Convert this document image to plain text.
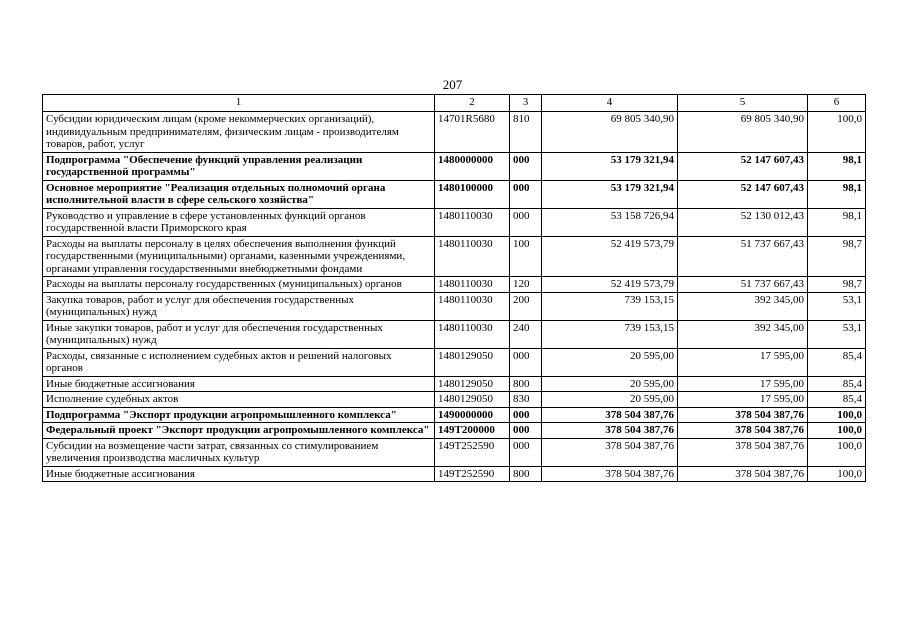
207
1	2	3	4	5	6
Субсидии юридическим лицам (кроме некоммерческих организаций), индивидуальным предпринимателям, физическим лицам - производителям товаров, работ, услуг	14701R5680	810	69 805 340,90	69 805 340,90	100,0
Подпрограмма "Обеспечение функций управления реализации государственной программы"	1480000000	000	53 179 321,94	52 147 607,43	98,1
Основное мероприятие "Реализация отдельных полномочий органа исполнительной власти в сфере сельского хозяйства"	1480100000	000	53 179 321,94	52 147 607,43	98,1
Руководство и управление в сфере установленных функций органов государственной власти Приморского края	1480110030	000	53 158 726,94	52 130 012,43	98,1
Расходы на выплаты персоналу в целях обеспечения выполнения функций государственными (муниципальными) органами, казенными учреждениями, органами управления государственными внебюджетными фондами	1480110030	100	52 419 573,79	51 737 667,43	98,7
Расходы на выплаты персоналу государственных (муниципальных) органов	1480110030	120	52 419 573,79	51 737 667,43	98,7
Закупка товаров, работ и услуг для обеспечения государственных (муниципальных) нужд	1480110030	200	739 153,15	392 345,00	53,1
Иные закупки товаров, работ и услуг для обеспечения государственных (муниципальных) нужд	1480110030	240	739 153,15	392 345,00	53,1
Расходы, связанные с исполнением судебных актов и решений налоговых органов	1480129050	000	20 595,00	17 595,00	85,4
Иные бюджетные ассигнования	1480129050	800	20 595,00	17 595,00	85,4
Исполнение судебных актов	1480129050	830	20 595,00	17 595,00	85,4
Подпрограмма "Экспорт продукции агропромышленного комплекса"	1490000000	000	378 504 387,76	378 504 387,76	100,0
Федеральный проект "Экспорт продукции агропромышленного комплекса"	149T200000	000	378 504 387,76	378 504 387,76	100,0
Субсидии на возмещение части затрат, связанных со стимулированием увеличения производства масличных культур	149T252590	000	378 504 387,76	378 504 387,76	100,0
Иные бюджетные ассигнования	149T252590	800	378 504 387,76	378 504 387,76	100,0
